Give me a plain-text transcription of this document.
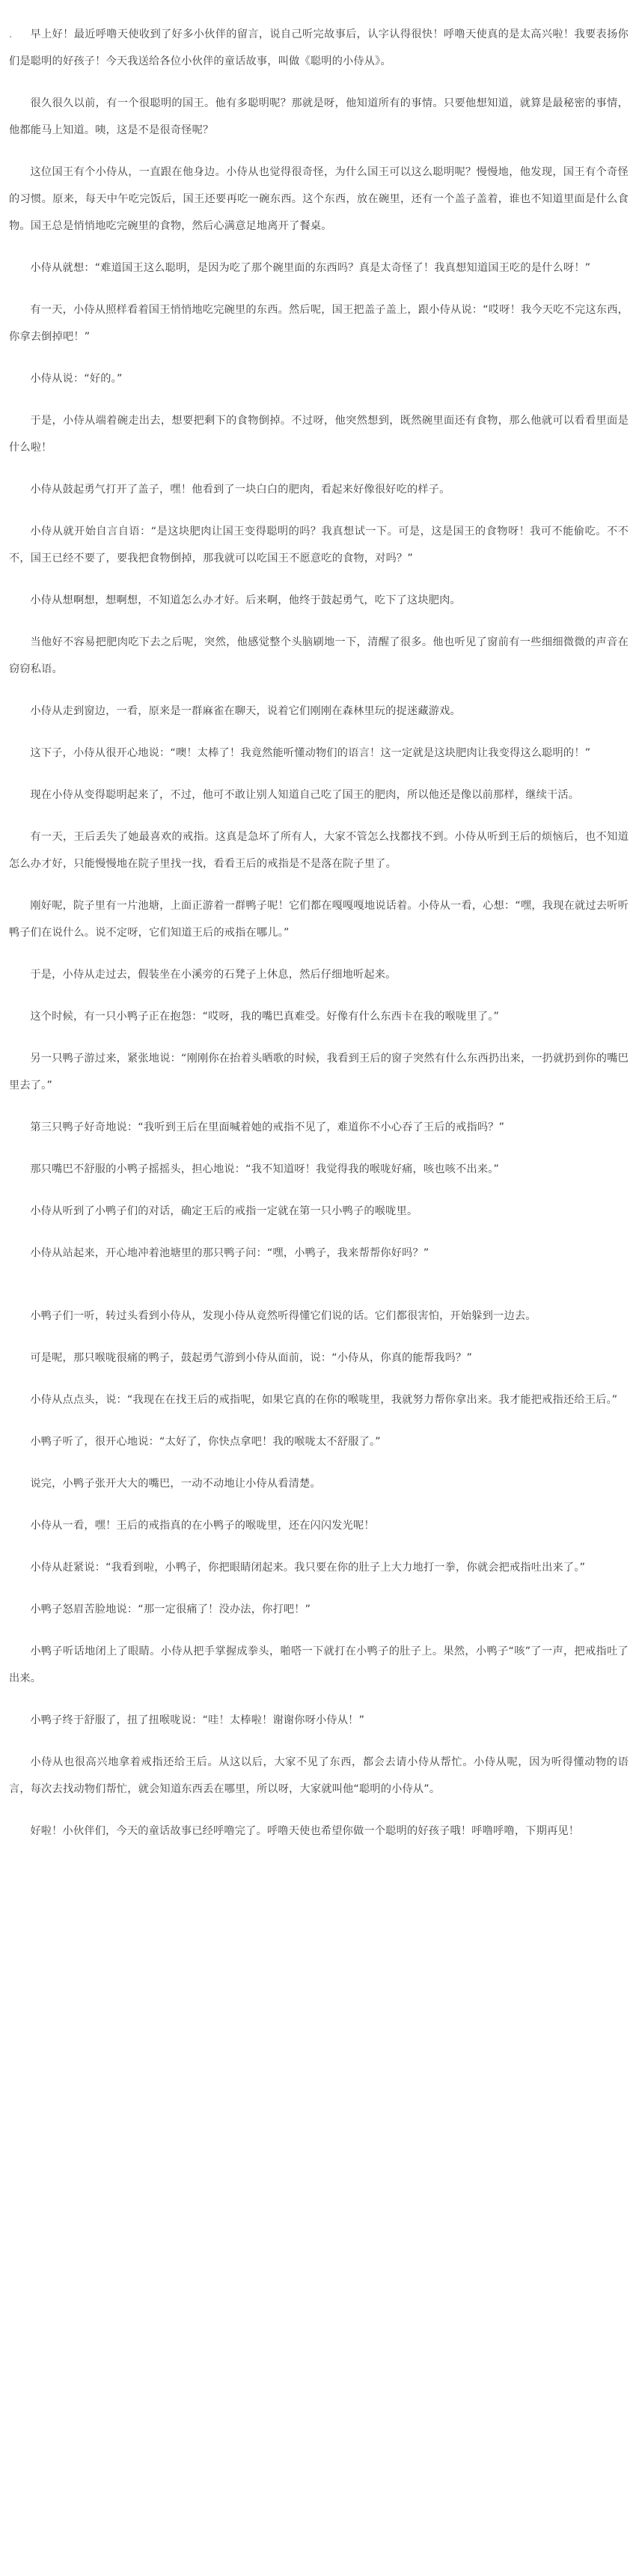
. 早上好！最近呼噜天使收到了好多小伙伴的留言，说自己听完故事后，认字认得很快！呼噜天使真的是太高兴啦！我要表扬你们是聪明的好孩子！今天我送给各位小伙伴的童话故事，叫做《聪明的小侍从》。

很久很久以前，有一个很聪明的国王。他有多聪明呢？那就是呀，他知道所有的事情。只要他想知道，就算是最秘密的事情，他都能马上知道。咦，这是不是很奇怪呢？

这位国王有个小侍从，一直跟在他身边。小侍从也觉得很奇怪，为什么国王可以这么聪明呢？慢慢地，他发现，国王有个奇怪的习惯。原来，每天中午吃完饭后，国王还要再吃一碗东西。这个东西，放在碗里，还有一个盖子盖着，谁也不知道里面是什么食物。国王总是悄悄地吃完碗里的食物，然后心满意足地离开了餐桌。

小侍从就想：“难道国王这么聪明，是因为吃了那个碗里面的东西吗？真是太奇怪了！我真想知道国王吃的是什么呀！”

有一天，小侍从照样看着国王悄悄地吃完碗里的东西。然后呢，国王把盖子盖上，跟小侍从说：“哎呀！我今天吃不完这东西，你拿去倒掉吧！”

小侍从说：“好的。”

于是，小侍从端着碗走出去，想要把剩下的食物倒掉。不过呀，他突然想到，既然碗里面还有食物，那么他就可以看看里面是什么啦！

小侍从鼓起勇气打开了盖子，嘿！他看到了一块白白的肥肉，看起来好像很好吃的样子。

小侍从就开始自言自语：“是这块肥肉让国王变得聪明的吗？我真想试一下。可是，这是国王的食物呀！我可不能偷吃。不不不，国王已经不要了，要我把食物倒掉，那我就可以吃国王不愿意吃的食物，对吗？”

小侍从想啊想，想啊想，不知道怎么办才好。后来啊，他终于鼓起勇气，吃下了这块肥肉。

当他好不容易把肥肉吃下去之后呢，突然，他感觉整个头脑刷地一下，清醒了很多。他也听见了窗前有一些细细微微的声音在窃窃私语。

小侍从走到窗边，一看，原来是一群麻雀在聊天，说着它们刚刚在森林里玩的捉迷藏游戏。

这下子，小侍从很开心地说：“噢！太棒了！我竟然能听懂动物们的语言！这一定就是这块肥肉让我变得这么聪明的！”

现在小侍从变得聪明起来了，不过，他可不敢让别人知道自己吃了国王的肥肉，所以他还是像以前那样，继续干活。

有一天，王后丢失了她最喜欢的戒指。这真是急坏了所有人，大家不管怎么找都找不到。小侍从听到王后的烦恼后，也不知道怎么办才好，只能慢慢地在院子里找一找，看看王后的戒指是不是落在院子里了。

刚好呢，院子里有一片池塘，上面正游着一群鸭子呢！它们都在嘎嘎嘎地说话着。小侍从一看，心想：“嘿，我现在就过去听听鸭子们在说什么。说不定呀，它们知道王后的戒指在哪儿。”

于是，小侍从走过去，假装坐在小溪旁的石凳子上休息，然后仔细地听起来。

这个时候，有一只小鸭子正在抱怨：“哎呀，我的嘴巴真难受。好像有什么东西卡在我的喉咙里了。”

另一只鸭子游过来，紧张地说：“刚刚你在抬着头晒歌的时候，我看到王后的窗子突然有什么东西扔出来，一扔就扔到你的嘴巴里去了。”

第三只鸭子好奇地说：“我听到王后在里面喊着她的戒指不见了，难道你不小心吞了王后的戒指吗？”

那只嘴巴不舒服的小鸭子摇摇头，担心地说：“我不知道呀！我觉得我的喉咙好痛，咳也咳不出来。”

小侍从听到了小鸭子们的对话，确定王后的戒指一定就在第一只小鸭子的喉咙里。

小侍从站起来，开心地冲着池塘里的那只鸭子问：“嘿，小鸭子，我来帮帮你好吗？”

小鸭子们一听，转过头看到小侍从，发现小侍从竟然听得懂它们说的话。它们都很害怕，开始躲到一边去。

可是呢，那只喉咙很痛的鸭子，鼓起勇气游到小侍从面前，说：“小侍从，你真的能帮我吗？”

小侍从点点头，说：“我现在在找王后的戒指呢，如果它真的在你的喉咙里，我就努力帮你拿出来。我才能把戒指还给王后。”

小鸭子听了，很开心地说：“太好了，你快点拿吧！我的喉咙太不舒服了。”

说完，小鸭子张开大大的嘴巴，一动不动地让小侍从看清楚。

小侍从一看，嘿！王后的戒指真的在小鸭子的喉咙里，还在闪闪发光呢！

小侍从赶紧说：“我看到啦，小鸭子，你把眼睛闭起来。我只要在你的肚子上大力地打一拳，你就会把戒指吐出来了。”

小鸭子怒眉苦脸地说：“那一定很痛了！没办法，你打吧！”

小鸭子听话地闭上了眼睛。小侍从把手掌握成拳头，啪嗒一下就打在小鸭子的肚子上。果然，小鸭子“咳”了一声，把戒指吐了出来。

小鸭子终于舒服了，扭了扭喉咙说：“哇！太棒啦！谢谢你呀小侍从！”

小侍从也很高兴地拿着戒指还给王后。从这以后，大家不见了东西，都会去请小侍从帮忙。小侍从呢，因为听得懂动物的语言，每次去找动物们帮忙，就会知道东西丢在哪里，所以呀，大家就叫他“聪明的小侍从”。

好啦！小伙伴们，今天的童话故事已经呼噜完了。呼噜天使也希望你做一个聪明的好孩子哦！呼噜呼噜，下期再见！
